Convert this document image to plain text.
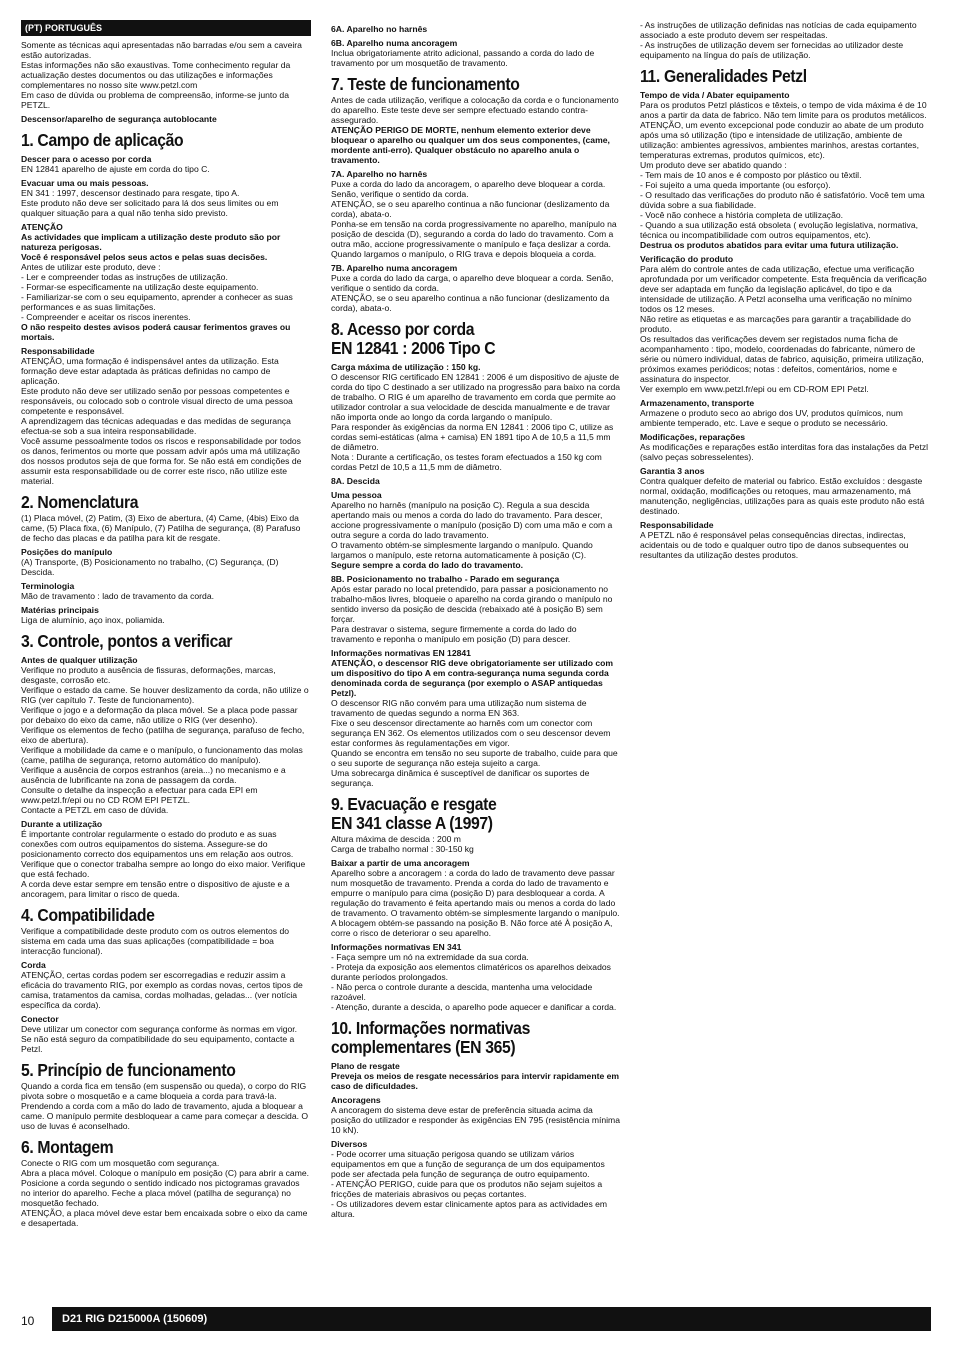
(PT) PORTUGUÊS
Somente as técnicas aqui apresentadas não barradas e/ou sem a caveira estão autorizadas.
Estas informações não são exaustivas. Tome conhecimento regular da actualização destes documentos ou das utilizações e informações complementares no nosso site www.petzl.com
Em caso de dúvida ou problema de compreensão, informe-se junto da PETZL.
Descensor/aparelho de segurança autoblocante
1. Campo de aplicação
Descer para o acesso por corda
EN 12841 aparelho de ajuste em corda do tipo C.
Evacuar uma ou mais pessoas.
EN 341 : 1997, descensor destinado para resgate, tipo A.
Este produto não deve ser solicitado para lá dos seus limites ou em qualquer situação para a qual não tenha sido previsto.
ATENÇÃO
As actividades que implicam a utilização deste produto são por natureza perigosas.
Você é responsável pelos seus actos e pelas suas decisões.
Antes de utilizar este produto, deve :
- Ler e compreender todas as instruções de utilização.
- Formar-se especificamente na utilização deste equipamento.
- Familiarizar-se com o seu equipamento, aprender a conhecer as suas performances e as suas limitações.
- Compreender e aceitar os riscos inerentes.
O não respeito destes avisos poderá causar ferimentos graves ou mortais.
Responsabilidade
ATENÇÃO, uma formação é indispensável antes da utilização. Esta formação deve estar adaptada às práticas definidas no campo de aplicação.
Este produto não deve ser utilizado senão por pessoas competentes e responsáveis, ou colocado sob o controle visual directo de uma pessoa competente e responsável.
A aprendizagem das técnicas adequadas e das medidas de segurança efectua-se sob a sua inteira responsabilidade.
Você assume pessoalmente todos os riscos e responsabilidade por todos os danos, ferimentos ou morte que possam advir após uma má utilização dos nossos produtos seja de que forma for. Se não está em condições de assumir esta responsabilidade ou de correr este risco, não utilize este material.
2. Nomenclatura
(1) Placa móvel, (2) Patim, (3) Eixo de abertura, (4) Came, (4bis) Eixo da came, (5) Placa fixa, (6) Manípulo, (7) Patilha de segurança, (8) Parafuso de fecho das placas e da patilha para kit de resgate.
Posições do manípulo
(A) Transporte, (B) Posicionamento no trabalho, (C) Segurança, (D) Descida.
Terminologia
Mão de travamento : lado de travamento da corda.
Matérias principais
Liga de alumínio, aço inox, poliamida.
3. Controle, pontos a verificar
Antes de qualquer utilização
Verifique no produto a ausência de fissuras, deformações, marcas, desgaste, corrosão etc.
Verifique o estado da came. Se houver deslizamento da corda, não utilize o RIG (ver capítulo 7. Teste de funcionamento).
Verifique o jogo e a deformação da placa móvel. Se a placa pode passar por debaixo do eixo da came, não utilize o RIG (ver desenho).
Verifique os elementos de fecho (patilha de segurança, parafuso de fecho, eixo de abertura).
Verifique a mobilidade da came e o manípulo, o funcionamento das molas (came, patilha de segurança, retorno automático do manípulo).
Verifique a ausência de corpos estranhos (areia...) no mecanismo e a ausência de lubrificante na zona de passagem da corda.
Consulte o detalhe da inspecção a efectuar para cada EPI em www.petzl.fr/epi ou no CD ROM EPI PETZL.
Contacte a PETZL em caso de dúvida.
Durante a utilização
É importante controlar regularmente o estado do produto e as suas conexões com outros equipamentos do sistema. Assegure-se do posicionamento correcto dos equipamentos uns em relação aos outros.
Verifique que o conector trabalha sempre ao longo do eixo maior. Verifique que está fechado.
A corda deve estar sempre em tensão entre o dispositivo de ajuste e a ancoragem, para limitar o risco de queda.
4. Compatibilidade
Verifique a compatibilidade deste produto com os outros elementos do sistema em cada uma das suas aplicações (compatibilidade = boa interacção funcional).
Corda
ATENÇÃO, certas cordas podem ser escorregadias e reduzir assim a eficácia do travamento RIG, por exemplo as cordas novas, certos tipos de camisa, tratamentos da camisa, cordas molhadas, geladas... (ver notícia específica da corda).
Conector
Deve utilizar um conector com segurança conforme às normas em vigor.
Se não está seguro da compatibilidade do seu equipamento, contacte a Petzl.
5. Princípio de funcionamento
Quando a corda fica em tensão (em suspensão ou queda), o corpo do RIG pivota sobre o mosquetão e a came bloqueia a corda para travá-la.
Prendendo a corda com a mão do lado de travamento, ajuda a bloquear a came. O manípulo permite desbloquear a came para começar a descida. O uso de luvas é aconselhado.
6. Montagem
Conecte o RIG com um mosquetão com segurança.
Abra a placa móvel. Coloque o manípulo em posição (C) para abrir a came. Posicione a corda segundo o sentido indicado nos pictogramas gravados no interior do aparelho. Feche a placa móvel (patilha de segurança) no mosquetão fechado.
ATENÇÃO, a placa móvel deve estar bem encaixada sobre o eixo da came e desapertada.
6A. Aparelho no harnês
6B. Aparelho numa ancoragem
Inclua obrigatoriamente atrito adicional, passando a corda do lado de travamento por um mosquetão de travamento.
7. Teste de funcionamento
Antes de cada utilização, verifique a colocação da corda e o funcionamento do aparelho. Este teste deve ser sempre efectuado estando contra-assegurado.
ATENÇÃO PERIGO DE MORTE, nenhum elemento exterior deve bloquear o aparelho ou qualquer um dos seus componentes, (came, mordente anti-erro). Qualquer obstáculo no aparelho anula o travamento.
7A. Aparelho no harnês
Puxe a corda do lado da ancoragem, o aparelho deve bloquear a corda. Senão, verifique o sentido da corda.
ATENÇÃO, se o seu aparelho continua a não funcionar (deslizamento da corda), abata-o.
Ponha-se em tensão na corda progressivamente no aparelho, manípulo na posição de descida (D), segurando a corda do lado do travamento. Com a outra mão, accione progressivamente o manípulo e faça deslizar a corda. Quando largamos o manípulo, o RIG trava e depois bloqueia a corda.
7B. Aparelho numa ancoragem
Puxe a corda do lado da carga, o aparelho deve bloquear a corda. Senão, verifique o sentido da corda.
ATENÇÃO, se o seu aparelho continua a não funcionar (deslizamento da corda), abata-o.
8. Acesso por corda
EN 12841 : 2006 Tipo C
Carga máxima de utilização : 150 kg.
O descensor RIG certificado EN 12841 : 2006 é um dispositivo de ajuste de corda do tipo C destinado a ser utilizado na progressão para baixo na corda de trabalho. O RIG é um aparelho de travamento em corda que permite ao utilizador controlar a sua velocidade de descida manualmente e de travar não importa onde ao longo da corda largando o manípulo.
Para responder às exigências da norma EN 12841 : 2006 tipo C, utilize as cordas semi-estáticas (alma + camisa) EN 1891 tipo A de 10,5 a 11,5 mm de diâmetro.
Nota : Durante a certificação, os testes foram efectuados a 150 kg com cordas Petzl de 10,5 a 11,5 mm de diâmetro.
8A. Descida
Uma pessoa
Aparelho no harnês (manípulo na posição C). Regula a sua descida apertando mais ou menos a corda do lado do travamento. Para descer, accione progressivamente o manípulo (posição D) com uma mão e com a outra segure a corda do lado travamento.
O travamento obtém-se simplesmente largando o manípulo. Quando largamos o manípulo, este retorna automaticamente à posição (C).
Segure sempre a corda do lado do travamento.
8B. Posicionamento no trabalho - Parado em segurança
Após estar parado no local pretendido, para passar a posicionamento no trabalho-mãos livres, bloqueie o aparelho na corda girando o manípulo no sentido inverso da posição de descida (rebaixado até à posição B) sem forçar.
Para destravar o sistema, segure firmemente a corda do lado do travamento e reponha o manípulo em posição (D) para descer.
Informações normativas EN 12841
ATENÇÃO, o descensor RIG deve obrigatoriamente ser utilizado com um dispositivo do tipo A em contra-segurança numa segunda corda denominada corda de segurança (por exemplo o ASAP antiquedas Petzl).
O descensor RIG não convém para uma utilização num sistema de travamento de quedas segundo a norma EN 363.
Fixe o seu descensor directamente ao harnês com um conector com segurança EN 362. Os elementos utilizados com o seu descensor devem estar conformes às regulamentações em vigor.
Quando se encontra em tensão no seu suporte de trabalho, cuide para que o seu suporte de segurança não esteja sujeito a carga.
Uma sobrecarga dinâmica é susceptível de danificar os suportes de segurança.
9. Evacuação e resgate
EN 341 classe A (1997)
Altura máxima de descida : 200 m
Carga de trabalho normal : 30-150 kg
Baixar a partir de uma ancoragem
Aparelho sobre a ancoragem : a corda do lado de travamento deve passar num mosquetão de travamento. Prenda a corda do lado de travamento e empurre o manípulo para cima (posição D) para desbloquear a corda. A regulação do travamento é feita apertando mais ou menos a corda do lado de travamento. O travamento obtém-se simplesmente largando o manípulo. A blocagem obtém-se passando na posição B. Não force até À posição A, corre o risco de deteriorar o seu aparelho.
Informações normativas EN 341
- Faça sempre um nó na extremidade da sua corda.
- Proteja da exposição aos elementos climatéricos os aparelhos deixados durante períodos prolongados.
- Não perca o controle durante a descida, mantenha uma velocidade razoável.
- Atenção, durante a descida, o aparelho pode aquecer e danificar a corda.
10. Informações normativas
complementares (EN 365)
Plano de resgate
Preveja os meios de resgate necessários para intervir rapidamente em caso de dificuldades.
Ancoragens
A ancoragem do sistema deve estar de preferência situada acima da posição do utilizador e responder às exigências EN 795 (resistência mínima 10 kN).
Diversos
- Pode ocorrer uma situação perigosa quando se utilizam vários equipamentos em que a função de segurança de um dos equipamentos pode ser afectada pela função de segurança de outro equipamento.
- ATENÇÃO PERIGO, cuide para que os produtos não sejam sujeitos a fricções de materiais abrasivos ou peças cortantes.
- Os utilizadores devem estar clinicamente aptos para as actividades em altura.
- As instruções de utilização definidas nas notícias de cada equipamento associado a este produto devem ser respeitadas.
- As instruções de utilização devem ser fornecidas ao utilizador deste equipamento na língua do país de utilização.
11. Generalidades Petzl
Tempo de vida / Abater equipamento
Para os produtos Petzl plásticos e têxteis, o tempo de vida máxima é de 10 anos a partir da data de fabrico. Não tem limite para os produtos metálicos.
ATENÇÃO, um evento excepcional pode conduzir ao abate de um produto após uma só utilização (tipo e intensidade de utilização, ambiente de utilização: ambientes agressivos, ambientes marinhos, arestas cortantes, temperaturas extremas, produtos químicos, etc).
Um produto deve ser abatido quando :
- Tem mais de 10 anos e é composto por plástico ou têxtil.
- Foi sujeito a uma queda importante (ou esforço).
- O resultado das verificações do produto não é satisfatório. Você tem uma dúvida sobre a sua fiabilidade.
- Você não conhece a história completa de utilização.
- Quando a sua utilização está obsoleta ( evolução legislativa, normativa, técnica ou incompatibilidade com outros equipamentos, etc).
Destrua os produtos abatidos para evitar uma futura utilização.
Verificação do produto
Para além do controle antes de cada utilização, efectue uma verificação aprofundada por um verificador competente. Esta frequência da verificação deve ser adaptada em função da legislação aplicável, do tipo e da intensidade de utilização. A Petzl aconselha uma verificação no mínimo todos os 12 meses.
Não retire as etiquetas e as marcações para garantir a traçabilidade do produto.
Os resultados das verificações devem ser registados numa ficha de acompanhamento : tipo, modelo, coordenadas do fabricante, número de série ou número individual, datas de fabrico, aquisição, primeira utilização, próximos exames periódicos; notas : defeitos, comentários, nome e assinatura do inspector.
Ver exemplo em www.petzl.fr/epi ou em CD-ROM EPI Petzl.
Armazenamento, transporte
Armazene o produto seco ao abrigo dos UV, produtos químicos, num ambiente temperado, etc. Lave e seque o produto se necessário.
Modificações, reparações
As modificações e reparações estão interditas fora das instalações da Petzl (salvo peças sobresselentes).
Garantia 3 anos
Contra qualquer defeito de material ou fabrico. Estão excluídos : desgaste normal, oxidação, modificações ou retoques, mau armazenamento, má manutenção, negligências, utilizações para as quais este produto não está destinado.
Responsabilidade
A PETZL não é responsável pelas consequências directas, indirectas, acidentais ou de todo e qualquer outro tipo de danos subsequentes ou resultantes da utilização destes produtos.
10	D21 RIG D215000A (150609)
